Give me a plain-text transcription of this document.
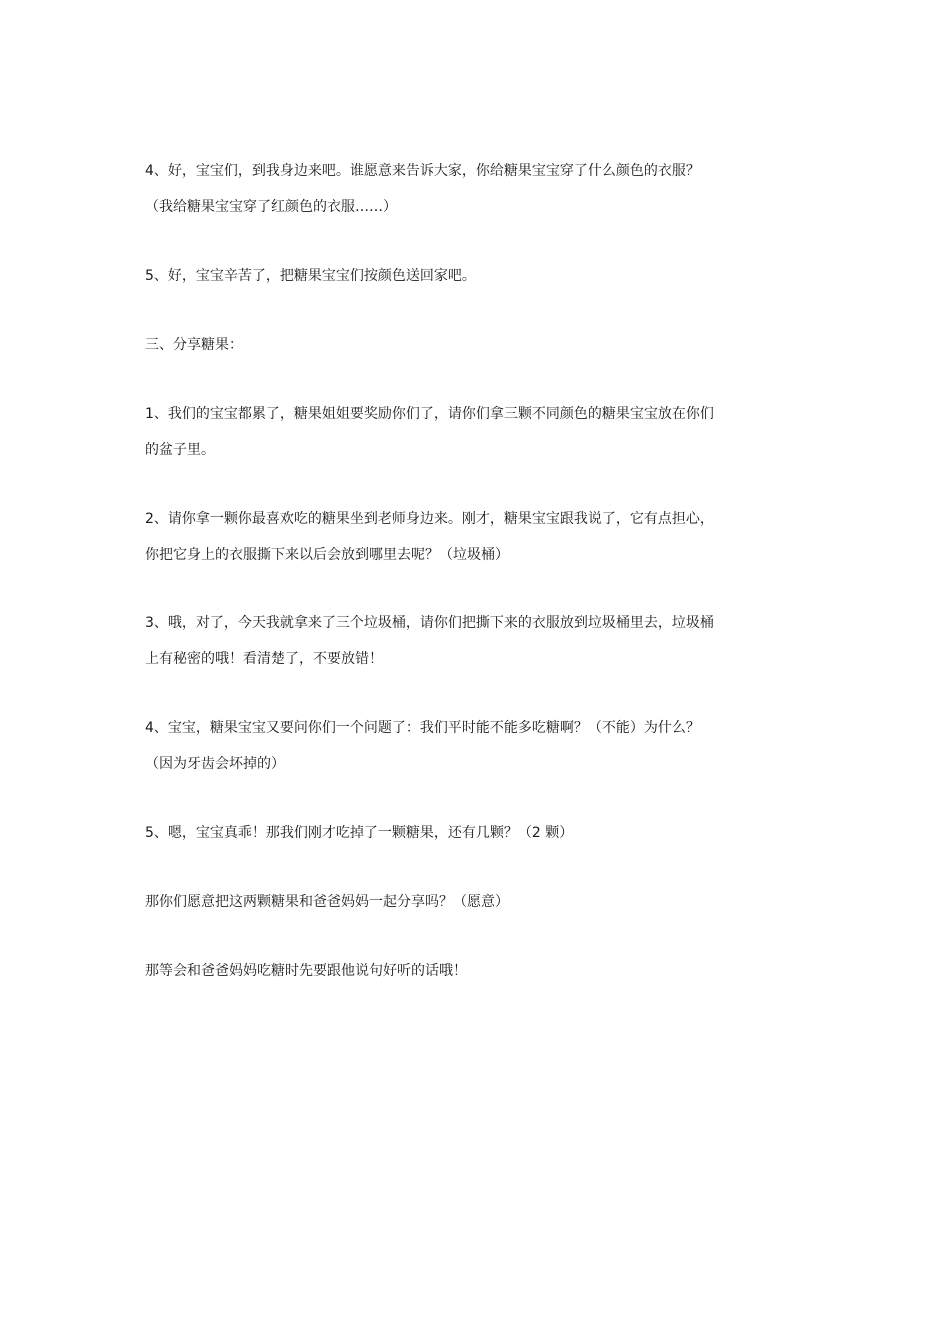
4、好，宝宝们，到我身边来吧。谁愿意来告诉大家，你给糖果宝宝穿了什么颜色的衣服？
（我给糖果宝宝穿了红颜色的衣服……）

5、好，宝宝辛苦了，把糖果宝宝们按颜色送回家吧。

三、分享糖果：

1、我们的宝宝都累了，糖果姐姐要奖励你们了，请你们拿三颗不同颜色的糖果宝宝放在你们
的盆子里。

2、请你拿一颗你最喜欢吃的糖果坐到老师身边来。刚才，糖果宝宝跟我说了，它有点担心，
你把它身上的衣服撕下来以后会放到哪里去呢？（垃圾桶）

3、哦，对了，今天我就拿来了三个垃圾桶，请你们把撕下来的衣服放到垃圾桶里去，垃圾桶
上有秘密的哦！看清楚了，不要放错！

4、宝宝，糖果宝宝又要问你们一个问题了：我们平时能不能多吃糖啊？（不能）为什么？
（因为牙齿会坏掉的）

5、嗯，宝宝真乖！那我们刚才吃掉了一颗糖果，还有几颗？（2 颗）

那你们愿意把这两颗糖果和爸爸妈妈一起分享吗？（愿意）

那等会和爸爸妈妈吃糖时先要跟他说句好听的话哦！
